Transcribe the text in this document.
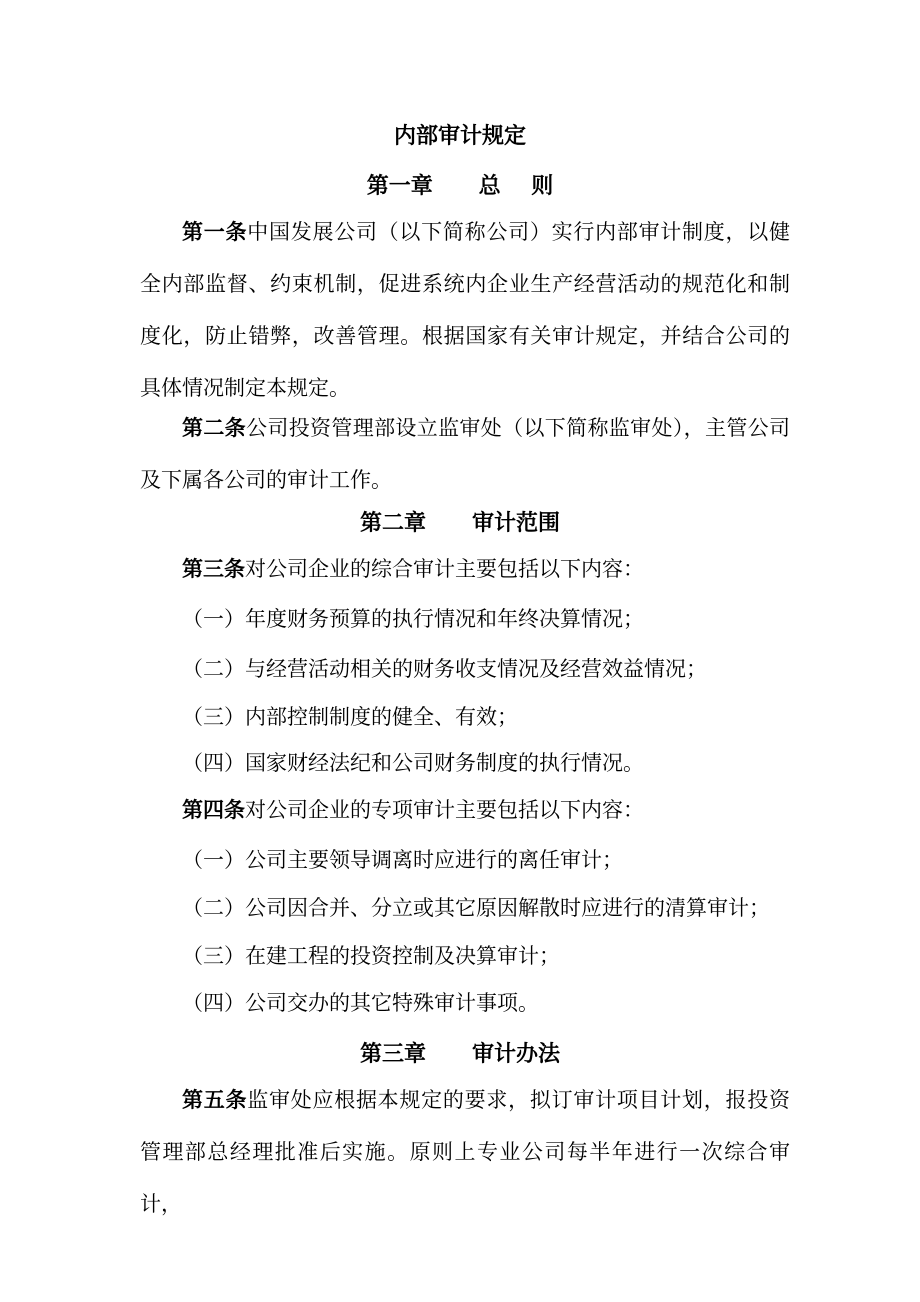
内部审计规定
第一章      总    则
第一条中国发展公司（以下简称公司）实行内部审计制度，以健全内部监督、约束机制，促进系统内企业生产经营活动的规范化和制度化，防止错弊，改善管理。根据国家有关审计规定，并结合公司的具体情况制定本规定。
第二条公司投资管理部设立监审处（以下简称监审处），主管公司及下属各公司的审计工作。
第二章      审计范围
第三条对公司企业的综合审计主要包括以下内容：
（一）年度财务预算的执行情况和年终决算情况；
（二）与经营活动相关的财务收支情况及经营效益情况；
（三）内部控制制度的健全、有效；
（四）国家财经法纪和公司财务制度的执行情况。
第四条对公司企业的专项审计主要包括以下内容：
（一）公司主要领导调离时应进行的离任审计；
（二）公司因合并、分立或其它原因解散时应进行的清算审计；
（三）在建工程的投资控制及决算审计；
（四）公司交办的其它特殊审计事项。
第三章      审计办法
第五条监审处应根据本规定的要求，拟订审计项目计划，报投资管理部总经理批准后实施。原则上专业公司每半年进行一次综合审计，
